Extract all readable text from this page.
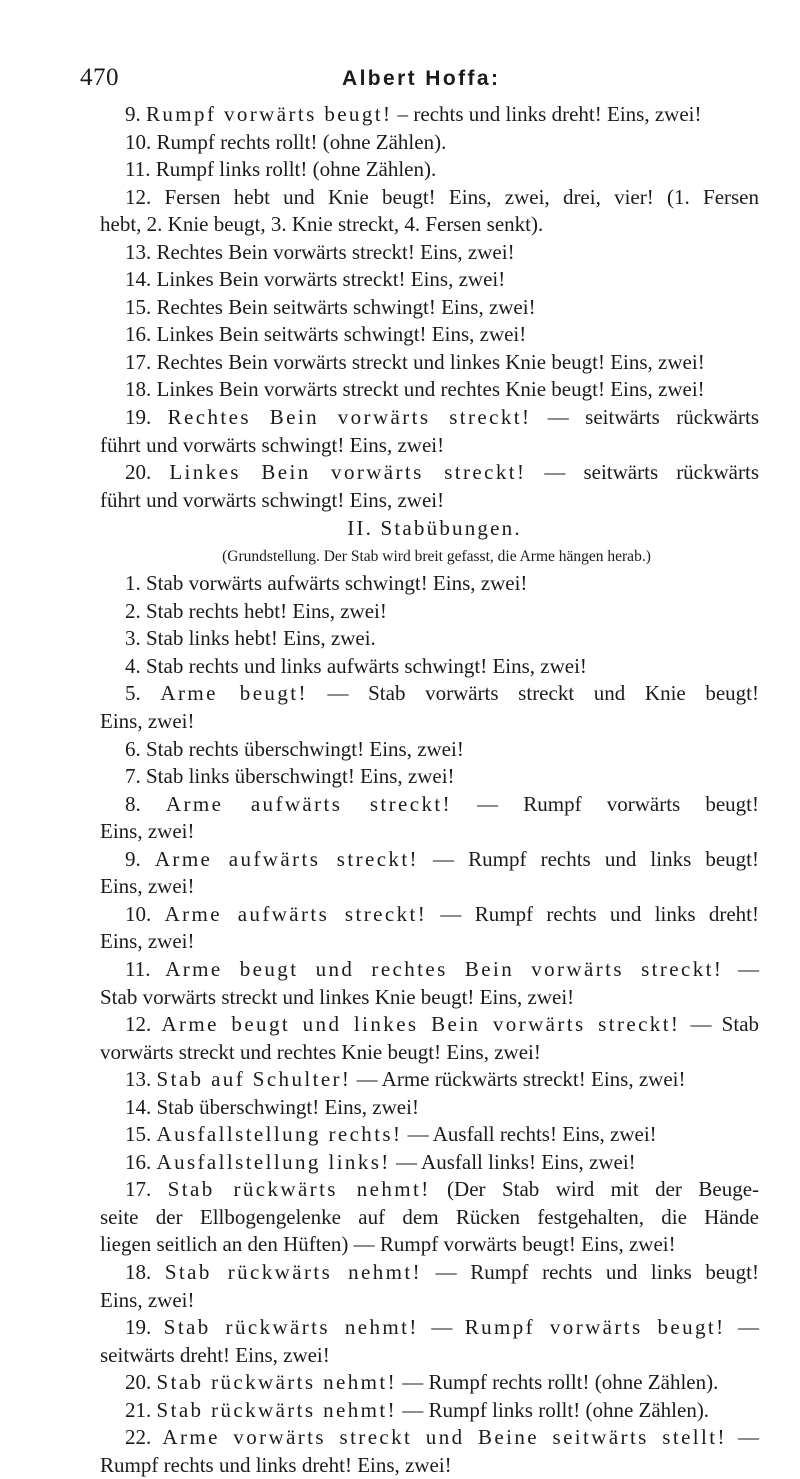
470	Albert Hoffa:
9. Rumpf vorwärts beugt! – rechts und links dreht! Eins, zwei!
10. Rumpf rechts rollt! (ohne Zählen).
11. Rumpf links rollt! (ohne Zählen).
12. Fersen hebt und Knie beugt! Eins, zwei, drei, vier! (1. Fersen
hebt, 2. Knie beugt, 3. Knie streckt, 4. Fersen senkt).
13. Rechtes Bein vorwärts streckt! Eins, zwei!
14. Linkes Bein vorwärts streckt! Eins, zwei!
15. Rechtes Bein seitwärts schwingt! Eins, zwei!
16. Linkes Bein seitwärts schwingt! Eins, zwei!
17. Rechtes Bein vorwärts streckt und linkes Knie beugt! Eins, zwei!
18. Linkes Bein vorwärts streckt und rechtes Knie beugt! Eins, zwei!
19. Rechtes Bein vorwärts streckt! — seitwärts rückwärts
führt und vorwärts schwingt! Eins, zwei!
20. Linkes Bein vorwärts streckt! — seitwärts rückwärts
führt und vorwärts schwingt! Eins, zwei!
II. Stabübungen.
(Grundstellung. Der Stab wird breit gefasst, die Arme hängen herab.)
1. Stab vorwärts aufwärts schwingt! Eins, zwei!
2. Stab rechts hebt! Eins, zwei!
3. Stab links hebt! Eins, zwei.
4. Stab rechts und links aufwärts schwingt! Eins, zwei!
5. Arme beugt! — Stab vorwärts streckt und Knie beugt!
Eins, zwei!
6. Stab rechts überschwingt! Eins, zwei!
7. Stab links überschwingt! Eins, zwei!
8. Arme aufwärts streckt! — Rumpf vorwärts beugt!
Eins, zwei!
9. Arme aufwärts streckt! — Rumpf rechts und links beugt!
Eins, zwei!
10. Arme aufwärts streckt! — Rumpf rechts und links dreht!
Eins, zwei!
11. Arme beugt und rechtes Bein vorwärts streckt! —
Stab vorwärts streckt und linkes Knie beugt! Eins, zwei!
12. Arme beugt und linkes Bein vorwärts streckt! — Stab
vorwärts streckt und rechtes Knie beugt! Eins, zwei!
13. Stab auf Schulter! — Arme rückwärts streckt! Eins, zwei!
14. Stab überschwingt! Eins, zwei!
15. Ausfallstellung rechts! — Ausfall rechts! Eins, zwei!
16. Ausfallstellung links! — Ausfall links! Eins, zwei!
17. Stab rückwärts nehmt! (Der Stab wird mit der Beuge-
seite der Ellbogengelenke auf dem Rücken festgehalten, die Hände
liegen seitlich an den Hüften) — Rumpf vorwärts beugt! Eins, zwei!
18. Stab rückwärts nehmt! — Rumpf rechts und links beugt!
Eins, zwei!
19. Stab rückwärts nehmt! — Rumpf vorwärts beugt! —
seitwärts dreht! Eins, zwei!
20. Stab rückwärts nehmt! — Rumpf rechts rollt! (ohne Zählen).
21. Stab rückwärts nehmt! — Rumpf links rollt! (ohne Zählen).
22. Arme vorwärts streckt und Beine seitwärts stellt! —
Rumpf rechts und links dreht! Eins, zwei!
